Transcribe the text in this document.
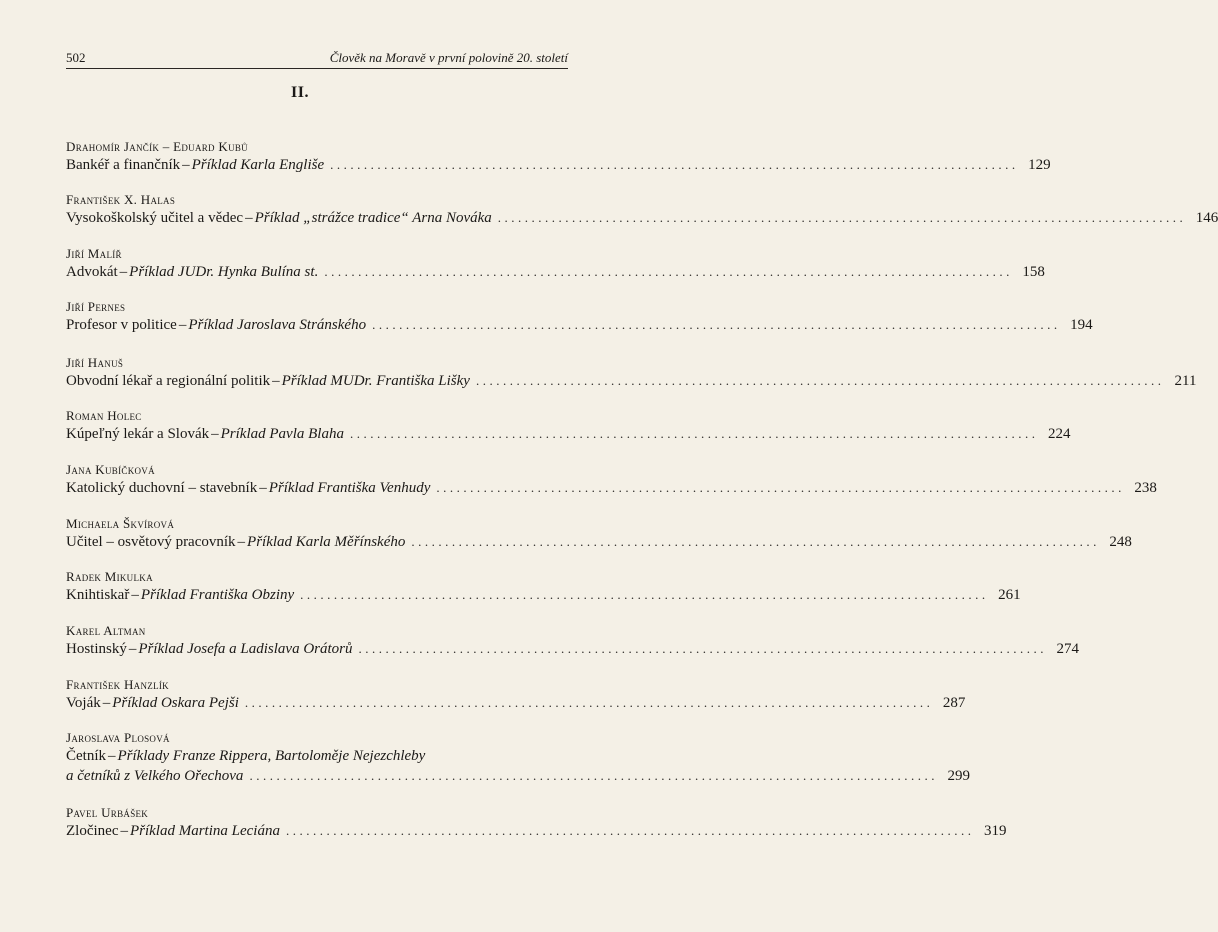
502	Člověk na Moravě v první polovině 20. století
II.
Drahomír Jančík – Eduard Kubů
Bankéř a finančník – Příklad Karla Engliše ...................................................................................................... 129
František X. Halas
Vysokoškolský učitel a vědec – Příklad „strážce tradice“ Arna Nováka ...................................................................................................... 146
Jiří Malíř
Advokát – Příklad JUDr. Hynka Bulína st. ...................................................................................................... 158
Jiří Pernes
Profesor v politice – Příklad Jaroslava Stránského ...................................................................................................... 194
Jiří Hanuš
Obvodní lékař a regionální politik – Příklad MUDr. Františka Lišky ...................................................................................................... 211
Roman Holec
Kúpeľný lekár a Slovák – Príklad Pavla Blaha ...................................................................................................... 224
Jana Kubíčková
Katolický duchovní – stavebník – Příklad Františka Venhudy ...................................................................................................... 238
Michaela Škvírová
Učitel – osvětový pracovník – Příklad Karla Měřínského ...................................................................................................... 248
Radek Mikulka
Knihtiskař – Příklad Františka Obziny ...................................................................................................... 261
Karel Altman
Hostinský – Příklad Josefa a Ladislava Orátorů ...................................................................................................... 274
František Hanzlík
Voják – Příklad Oskara Pejši ...................................................................................................... 287
Jaroslava Plosová
Četník – Příklady Franze Rippera, Bartoloměje Nejezchleby
a četníků z Velkého Ořechova ...................................................................................................... 299
Pavel Urbášek
Zločinec – Příklad Martina Leciána ...................................................................................................... 319
